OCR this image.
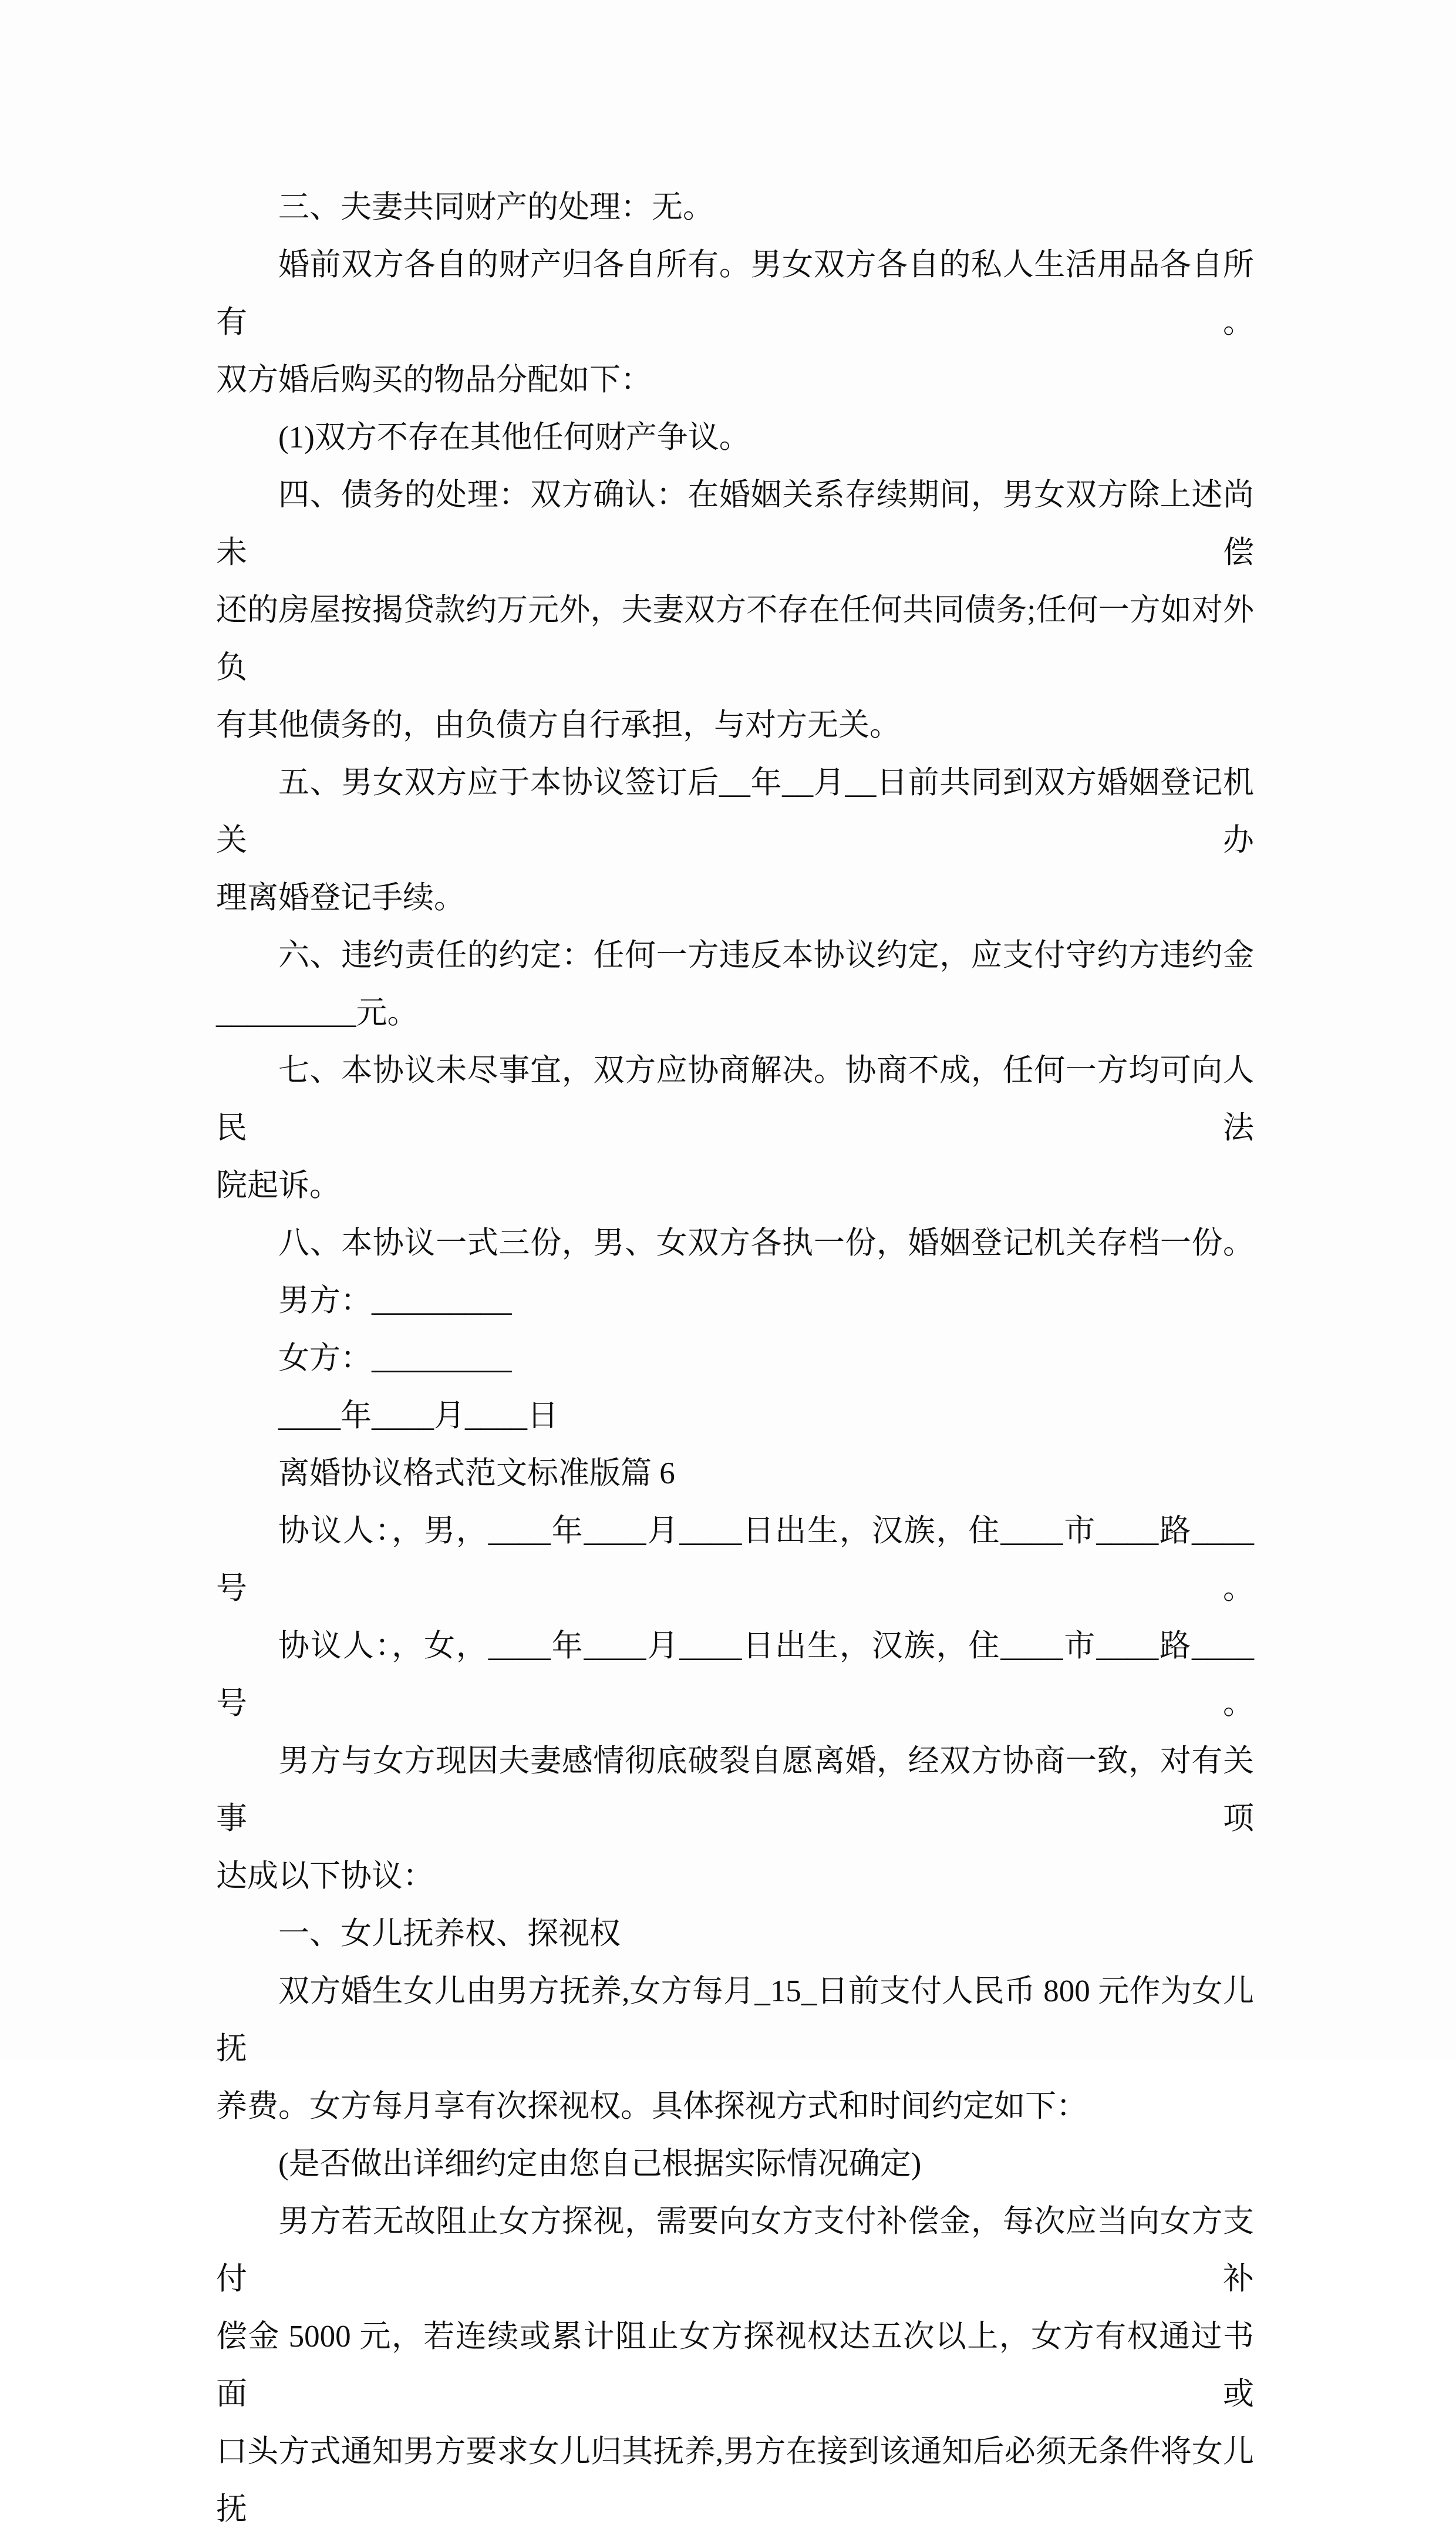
三、夫妻共同财产的处理：无。
婚前双方各自的财产归各自所有。男女双方各自的私人生活用品各自所有。
双方婚后购买的物品分配如下：
(1)双方不存在其他任何财产争议。
四、债务的处理：双方确认：在婚姻关系存续期间，男女双方除上述尚未偿
还的房屋按揭贷款约万元外，夫妻双方不存在任何共同债务;任何一方如对外负
有其他债务的，由负债方自行承担，与对方无关。
五、男女双方应于本协议签订后__年__月__日前共同到双方婚姻登记机关办
理离婚登记手续。
六、违约责任的约定：任何一方违反本协议约定，应支付守约方违约金
_________元。
七、本协议未尽事宜，双方应协商解决。协商不成，任何一方均可向人民法
院起诉。
八、本协议一式三份，男、女双方各执一份，婚姻登记机关存档一份。
男方：_________
女方：_________
____年____月____日
离婚协议格式范文标准版篇 6
协议人：，男，____年____月____日出生，汉族，住____市____路____号。
协议人：，女，____年____月____日出生，汉族，住____市____路____号。
男方与女方现因夫妻感情彻底破裂自愿离婚，经双方协商一致，对有关事项
达成以下协议：
一、女儿抚养权、探视权
双方婚生女儿由男方抚养,女方每月_15_日前支付人民币 800 元作为女儿抚
养费。女方每月享有次探视权。具体探视方式和时间约定如下：
(是否做出详细约定由您自己根据实际情况确定)
男方若无故阻止女方探视，需要向女方支付补偿金，每次应当向女方支付补
偿金 5000 元，若连续或累计阻止女方探视权达五次以上，女方有权通过书面或
口头方式通知男方要求女儿归其抚养,男方在接到该通知后必须无条件将女儿抚
